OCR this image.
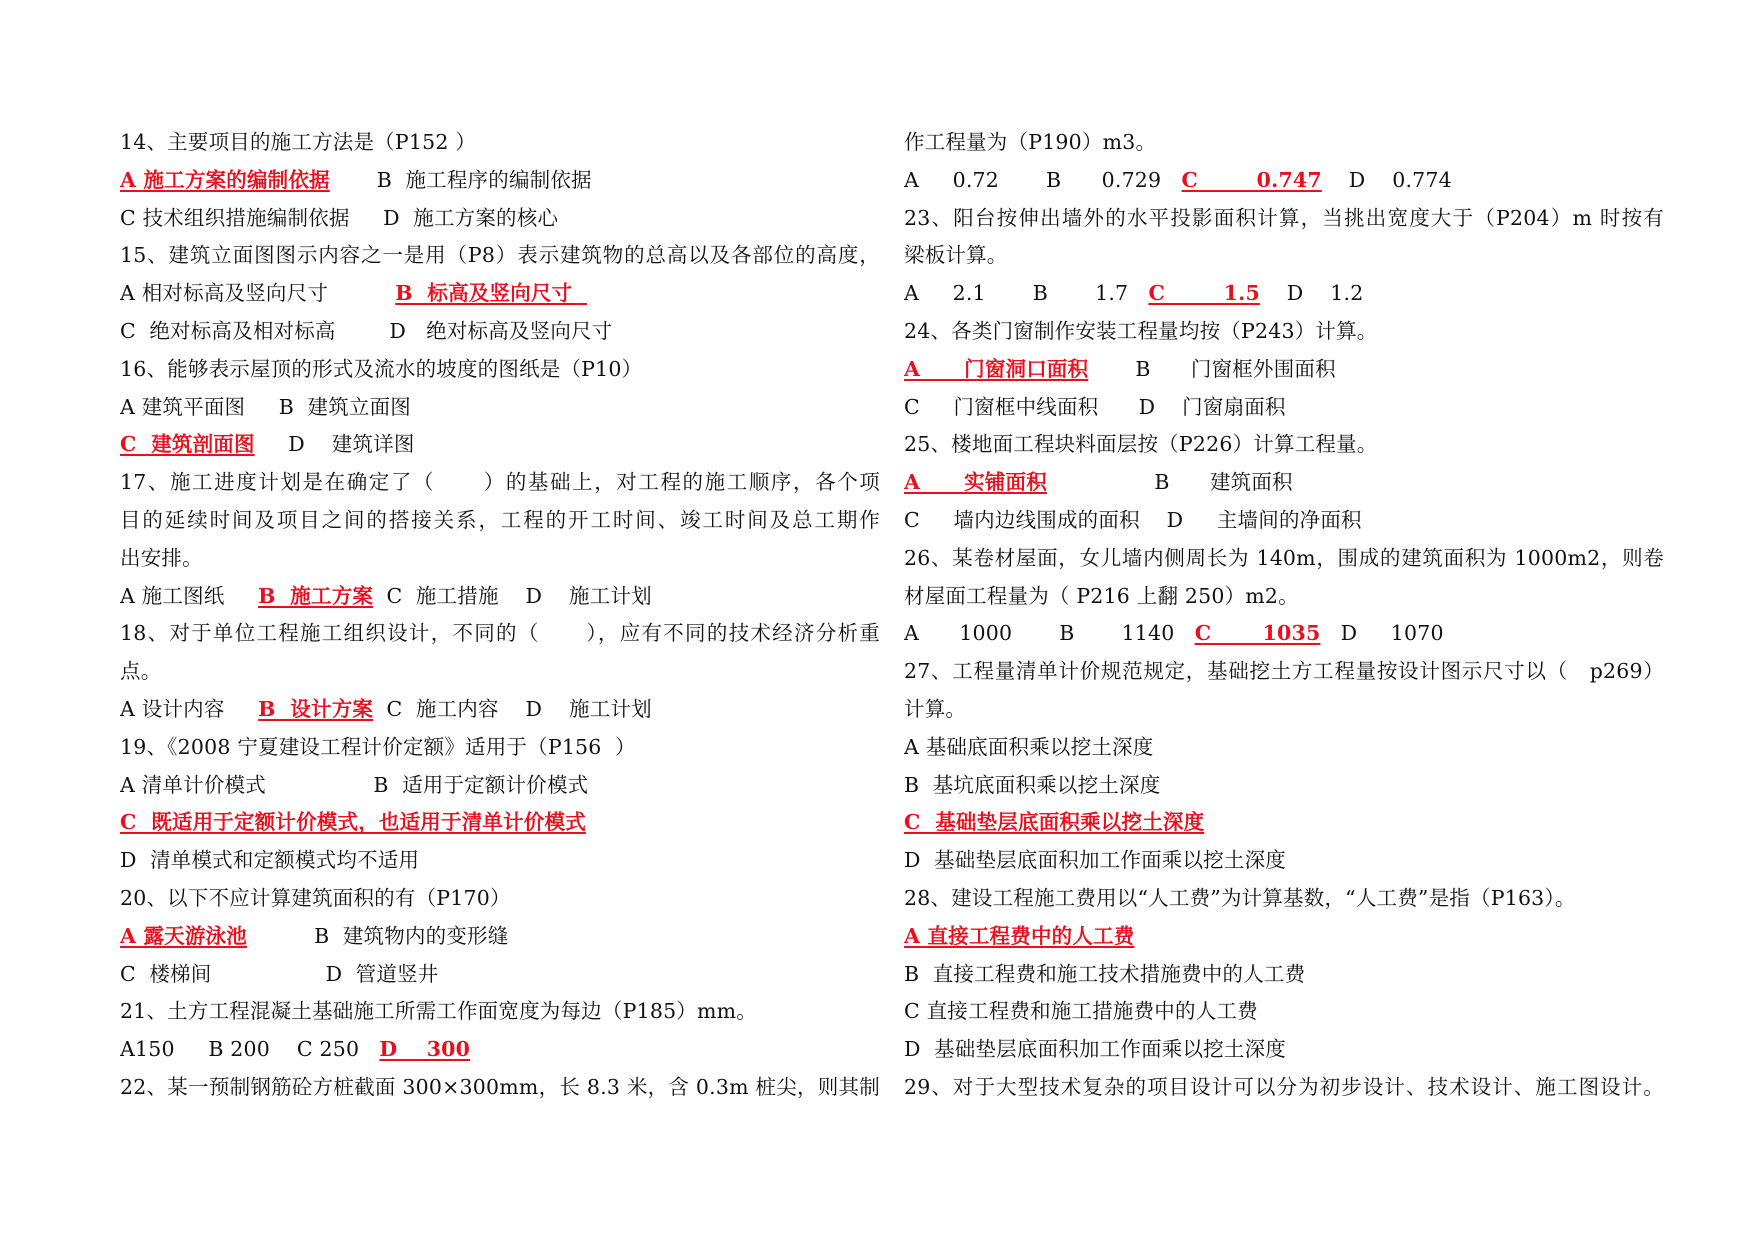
14、主要项目的施工方法是（P152 ）
A 施工方案的编制依据       B  施工程序的编制依据
C 技术组织措施编制依据     D  施工方案的核心
15、建筑立面图图示内容之一是用（P8）表示建筑物的总高以及各部位的高度，
A 相对标高及竖向尺寸          B  标高及竖向尺寸
C  绝对标高及相对标高        D   绝对标高及竖向尺寸
16、能够表示屋顶的形式及流水的坡度的图纸是（P10）
A 建筑平面图     B  建筑立面图
C  建筑剖面图     D    建筑详图
17、施工进度计划是在确定了（      ）的基础上，对工程的施工顺序，各个项
目的延续时间及项目之间的搭接关系，工程的开工时间、竣工时间及总工期作
出安排。
A 施工图纸     B  施工方案  C  施工措施    D    施工计划
18、对于单位工程施工组织设计，不同的（      ），应有不同的技术经济分析重
点。
A 设计内容     B  设计方案  C  施工内容    D    施工计划
19、《2008 宁夏建设工程计价定额》适用于（P156  ）
A 清单计价模式                B  适用于定额计价模式
C  既适用于定额计价模式，也适用于清单计价模式
D  清单模式和定额模式均不适用
20、以下不应计算建筑面积的有（P170）
A 露天游泳池          B  建筑物内的变形缝
C  楼梯间                 D  管道竖井
21、土方工程混凝土基础施工所需工作面宽度为每边（P185）mm。
A150     B 200    C 250   D    300
22、某一预制钢筋砼方桩截面 300×300mm，长 8.3 米，含 0.3m 桩尖，则其制
作工程量为（P190）m3。
A     0.72       B      0.729   C        0.747    D    0.774
23、阳台按伸出墙外的水平投影面积计算，当挑出宽度大于（P204）m 时按有
梁板计算。
A     2.1       B       1.7   C        1.5    D    1.2
24、各类门窗制作安装工程量均按（P243）计算。
A      门窗洞口面积       B      门窗框外围面积
C     门窗框中线面积      D    门窗扇面积
25、楼地面工程块料面层按（P226）计算工程量。
A      实铺面积                B      建筑面积
C     墙内边线围成的面积    D     主墙间的净面积
26、某卷材屋面，女儿墙内侧周长为 140m，围成的建筑面积为 1000m2，则卷
材屋面工程量为（ P216 上翻 250）m2。
A      1000       B       1140   C       1035   D     1070
27、工程量清单计价规范规定，基础挖土方工程量按设计图示尺寸以（   p269）
计算。
A 基础底面积乘以挖土深度
B  基坑底面积乘以挖土深度
C  基础垫层底面积乘以挖土深度
D  基础垫层底面积加工作面乘以挖土深度
28、建设工程施工费用以“人工费”为计算基数，“人工费”是指（P163）。
A 直接工程费中的人工费
B  直接工程费和施工技术措施费中的人工费
C 直接工程费和施工措施费中的人工费
D  基础垫层底面积加工作面乘以挖土深度
29、对于大型技术复杂的项目设计可以分为初步设计、技术设计、施工图设计。
